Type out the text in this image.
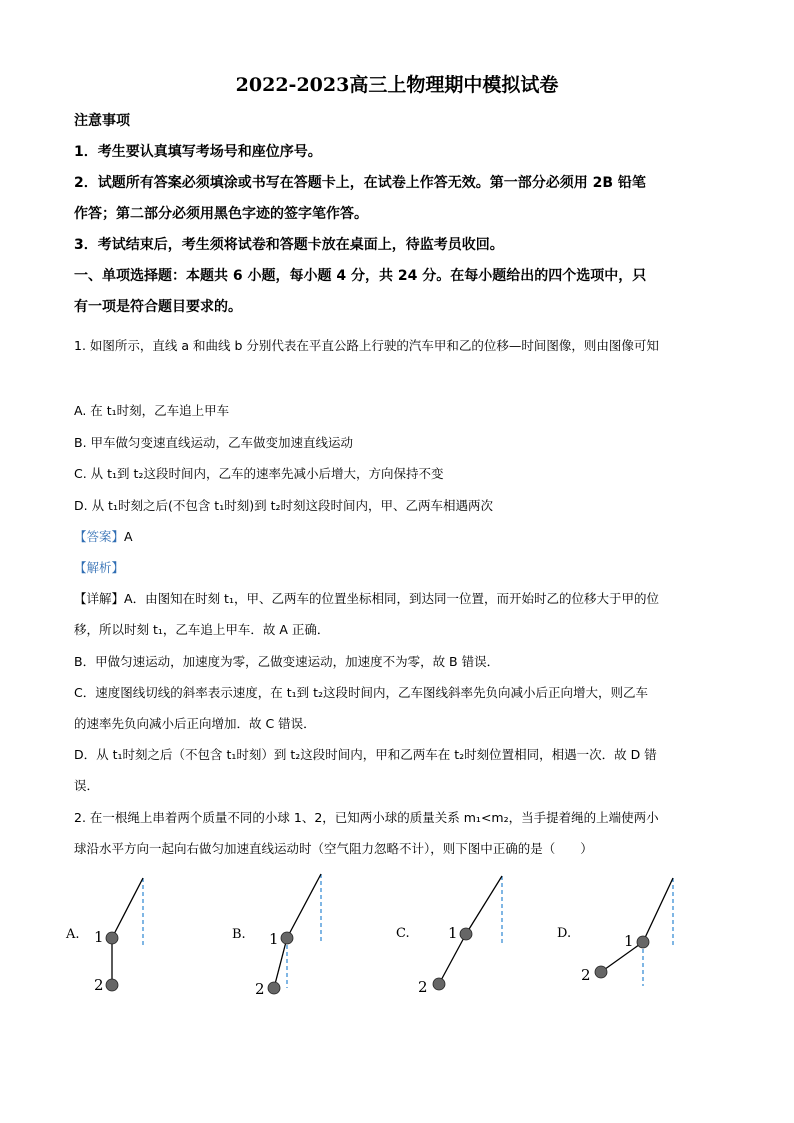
2022-2023高三上物理期中模拟试卷
注意事项
1．考生要认真填写考场号和座位序号。
2．试题所有答案必须填涂或书写在答题卡上，在试卷上作答无效。第一部分必须用 2B 铅笔
作答；第二部分必须用黑色字迹的签字笔作答。
3．考试结束后，考生须将试卷和答题卡放在桌面上，待监考员收回。
一、单项选择题：本题共 6 小题，每小题 4 分，共 24 分。在每小题给出的四个选项中，只
有一项是符合题目要求的。
1. 如图所示，直线 a 和曲线 b 分别代表在平直公路上行驶的汽车甲和乙的位移—时间图像，则由图像可知
A. 在 t₁时刻，乙车追上甲车
B. 甲车做匀变速直线运动，乙车做变加速直线运动
C. 从 t₁到 t₂这段时间内，乙车的速率先减小后增大，方向保持不变
D. 从 t₁时刻之后(不包含 t₁时刻)到 t₂时刻这段时间内，甲、乙两车相遇两次
【答案】A
【解析】
【详解】A．由图知在时刻 t₁，甲、乙两车的位置坐标相同，到达同一位置，而开始时乙的位移大于甲的位
移，所以时刻 t₁，乙车追上甲车．故 A 正确．
B．甲做匀速运动，加速度为零，乙做变速运动，加速度不为零，故 B 错误．
C．速度图线切线的斜率表示速度，在 t₁到 t₂这段时间内，乙车图线斜率先负向减小后正向增大，则乙车
的速率先负向减小后正向增加．故 C 错误．
D．从 t₁时刻之后（不包含 t₁时刻）到 t₂这段时间内，甲和乙两车在 t₂时刻位置相同，相遇一次．故 D 错
误．
2. 在一根绳上串着两个质量不同的小球 1、2，已知两小球的质量关系 m₁<m₂，当手提着绳的上端使两小
球沿水平方向一起向右做匀加速直线运动时（空气阻力忽略不计），则下图中正确的是（　　）
A. 1
2
B. 1
2
C.	1
2
D.	1
2
